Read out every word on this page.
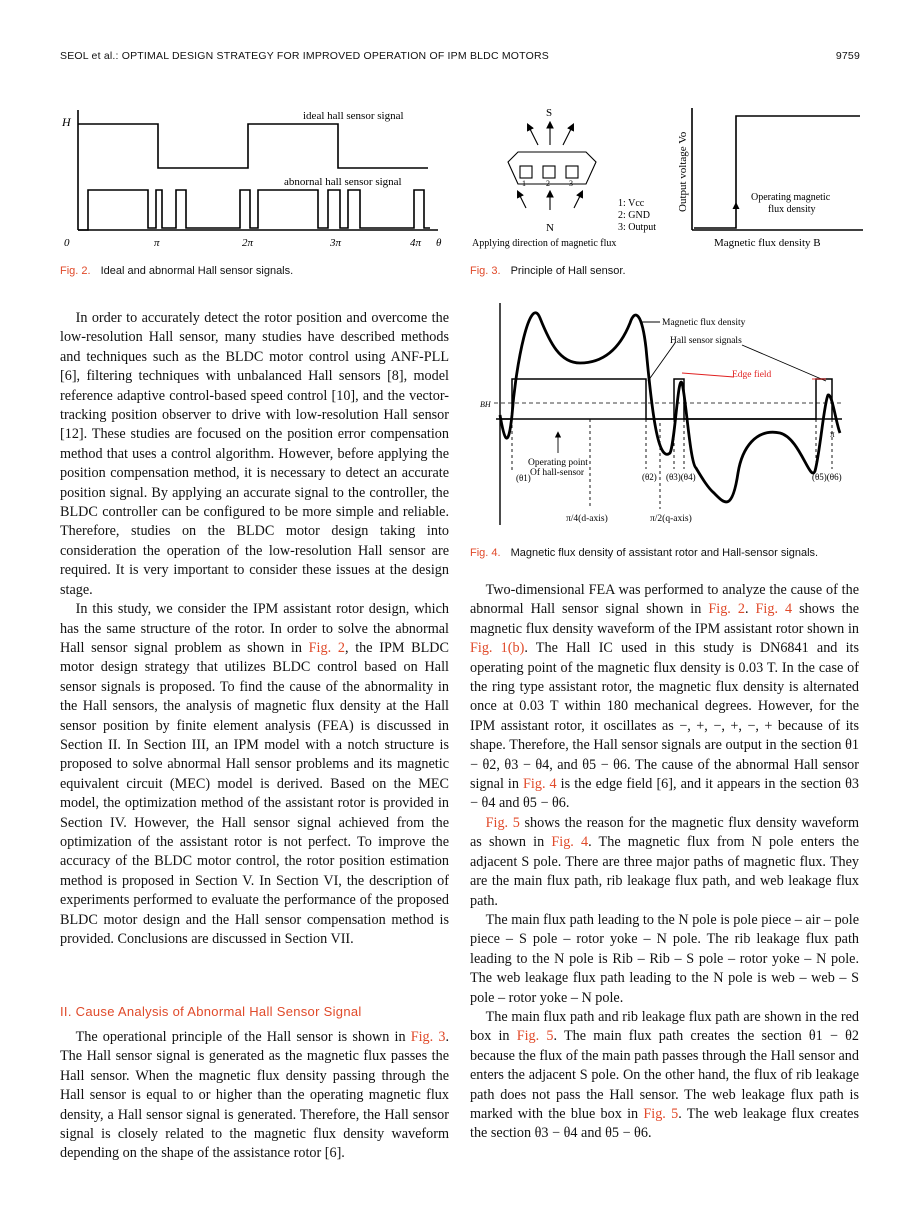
SEOL et al.: OPTIMAL DESIGN STRATEGY FOR IMPROVED OPERATION OF IPM BLDC MOTORS	9759
H	ideal hall sensor signal
abnornal hall sensor signal
0	π	2π	3π	4π θ
Fig. 2. Ideal and abnormal Hall sensor signals.
S
1	2 3
N
1: Vcc
2: GND
3: Output
Applying direction of magnetic flux
Output voltage Vo	Operating magnetic
flux density
Magnetic flux density B
Fig. 3. Principle of Hall sensor.
Magnetic flux density
Hall sensor signals
Edge field
BH
Operating point
Of hall-sensor
(θ1)	(θ2) (θ3)(θ4)	(θ5)(θ6)
π
π/4(d-axis)	π/2(q-axis)
Fig. 4. Magnetic flux density of assistant rotor and Hall-sensor signals.

In order to accurately detect the rotor position and overcome the low-resolution Hall sensor, many studies have described methods and techniques such as the BLDC motor control using ANF-PLL [6], filtering techniques with unbalanced Hall sensors [8], model reference adaptive control-based speed control [10], and the vector-tracking position observer to drive with low-resolution Hall sensor [12]. These studies are focused on the position error compensation method that uses a control algorithm. However, before applying the position compensation method, it is necessary to detect an accurate position signal. By applying an accurate signal to the controller, the BLDC controller can be configured to be more simple and reliable. Therefore, studies on the BLDC motor design taking into consideration the operation of the low-resolution Hall sensor are required. It is very important to consider these issues at the design stage.

In this study, we consider the IPM assistant rotor design, which has the same structure of the rotor. In order to solve the abnormal Hall sensor signal problem as shown in Fig. 2, the IPM BLDC motor design strategy that utilizes BLDC control based on Hall sensor signals is proposed. To find the cause of the abnormality in the Hall sensors, the analysis of magnetic flux density at the Hall sensor position by finite element analysis (FEA) is discussed in Section II. In Section III, an IPM model with a notch structure is proposed to solve abnormal Hall sensor problems and its magnetic equivalent circuit (MEC) model is derived. Based on the MEC model, the optimization method of the assistant rotor is provided in Section IV. However, the Hall sensor signal achieved from the optimization of the assistant rotor is not perfect. To improve the accuracy of the BLDC motor control, the rotor position estimation method is proposed in Section V. In Section VI, the description of experiments performed to evaluate the performance of the proposed BLDC motor design and the Hall sensor compensation method is provided. Conclusions are discussed in Section VII.

II. Cause Analysis of Abnormal Hall Sensor Signal

The operational principle of the Hall sensor is shown in Fig. 3. The Hall sensor signal is generated as the magnetic flux passes the Hall sensor. When the magnetic flux density passing through the Hall sensor is equal to or higher than the operating magnetic flux density, a Hall sensor signal is generated. Therefore, the Hall sensor signal is closely related to the magnetic flux density waveform depending on the shape of the assistance rotor [6].

Two-dimensional FEA was performed to analyze the cause of the abnormal Hall sensor signal shown in Fig. 2. Fig. 4 shows the magnetic flux density waveform of the IPM assistant rotor shown in Fig. 1(b). The Hall IC used in this study is DN6841 and its operating point of the magnetic flux density is 0.03 T. In the case of the ring type assistant rotor, the magnetic flux density is alternated once at 0.03 T within 180 mechanical degrees. However, for the IPM assistant rotor, it oscillates as −, +, −, +, −, + because of its shape. Therefore, the Hall sensor signals are output in the section θ1 − θ2, θ3 − θ4, and θ5 − θ6. The cause of the abnormal Hall sensor signal in Fig. 4 is the edge field [6], and it appears in the section θ3 − θ4 and θ5 − θ6.

Fig. 5 shows the reason for the magnetic flux density waveform as shown in Fig. 4. The magnetic flux from N pole enters the adjacent S pole. There are three major paths of magnetic flux. They are the main flux path, rib leakage flux path, and web leakage flux path.

The main flux path leading to the N pole is pole piece – air – pole piece – S pole – rotor yoke – N pole. The rib leakage flux path leading to the N pole is Rib – Rib – S pole – rotor yoke – N pole. The web leakage flux path leading to the N pole is web – web – S pole – rotor yoke – N pole.

The main flux path and rib leakage flux path are shown in the red box in Fig. 5. The main flux path creates the section θ1 − θ2 because the flux of the main path passes through the Hall sensor and enters the adjacent S pole. On the other hand, the flux of rib leakage path does not pass the Hall sensor. The web leakage flux path is marked with the blue box in Fig. 5. The web leakage flux creates the section θ3 − θ4 and θ5 − θ6.
